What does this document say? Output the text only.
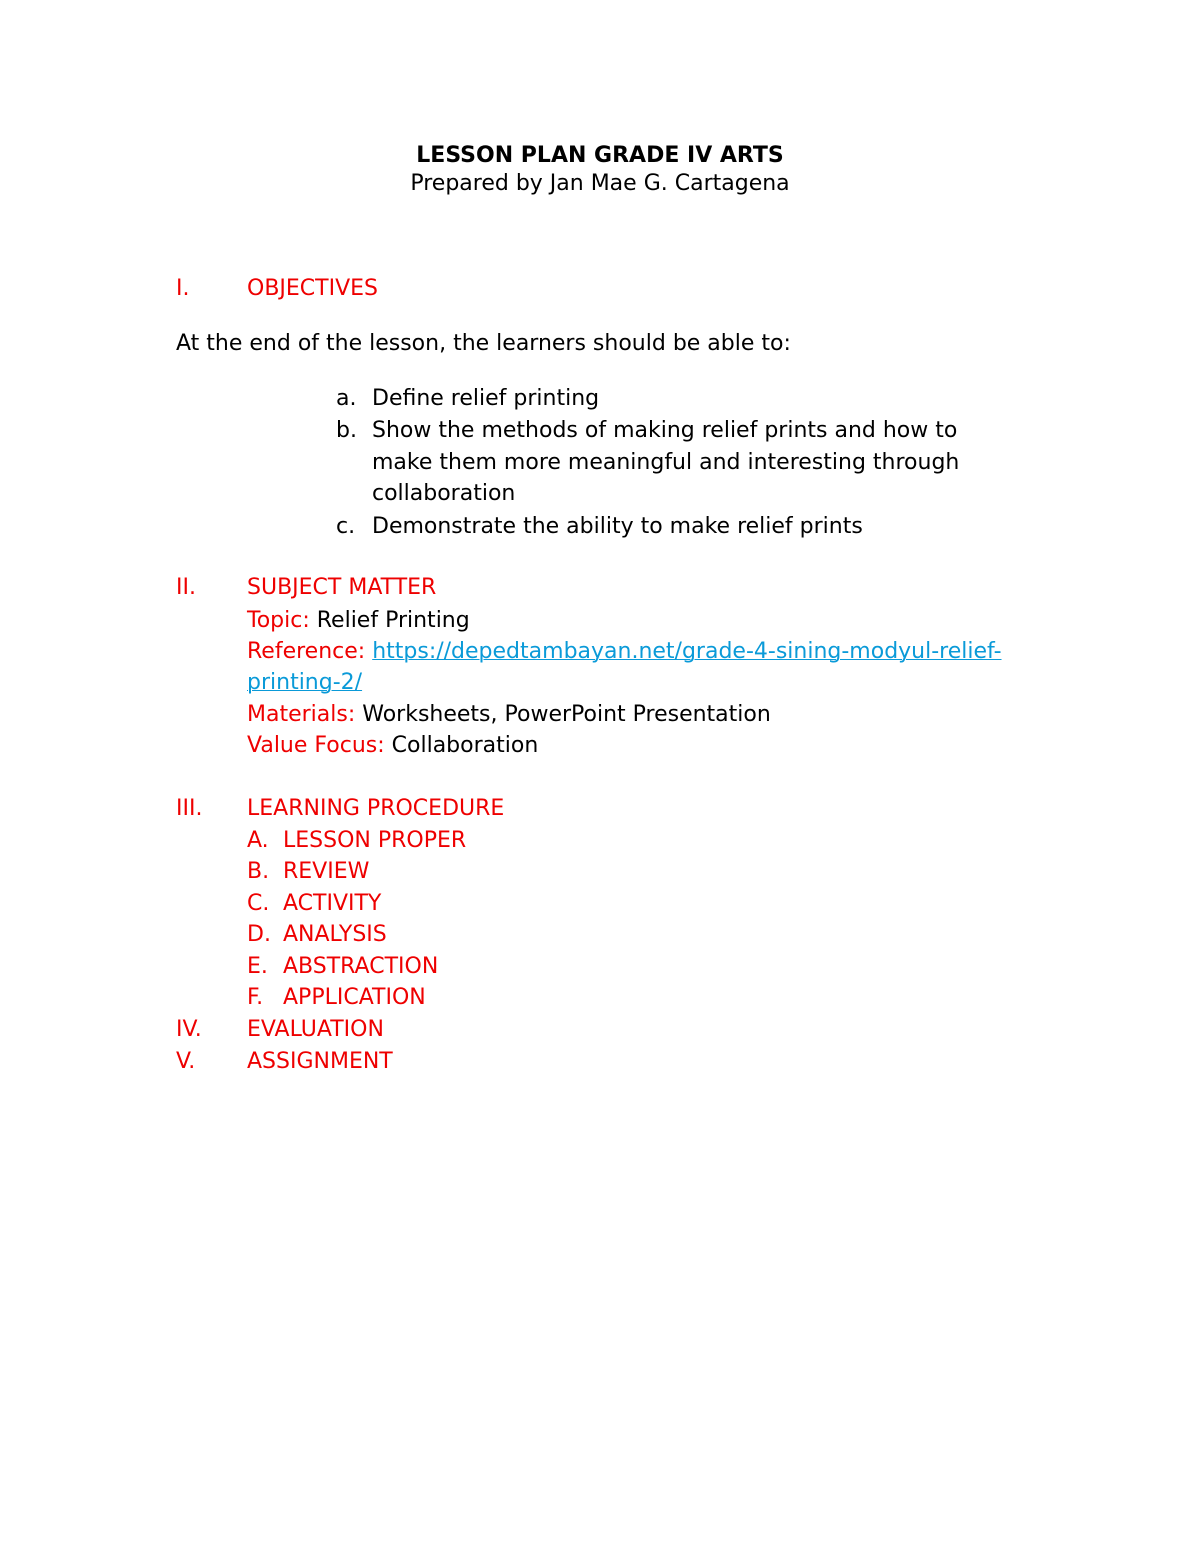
LESSON PLAN GRADE IV ARTS
Prepared by Jan Mae G. Cartagena
I.	OBJECTIVES
At the end of the lesson, the learners should be able to:
a. Define relief printing
b. Show the methods of making relief prints and how to
make them more meaningful and interesting through
collaboration
c. Demonstrate the ability to make relief prints
II. SUBJECT MATTER
Topic: Relief Printing
Reference: https://depedtambayan.net/grade-4-sining-modyul-relief-
printing-2/
Materials: Worksheets, PowerPoint Presentation
Value Focus: Collaboration
III. LEARNING PROCEDURE
A. LESSON PROPER
B. REVIEW
C. ACTIVITY
D. ANALYSIS
E. ABSTRACTION
F. APPLICATION
IV. EVALUATION
V. ASSIGNMENT
